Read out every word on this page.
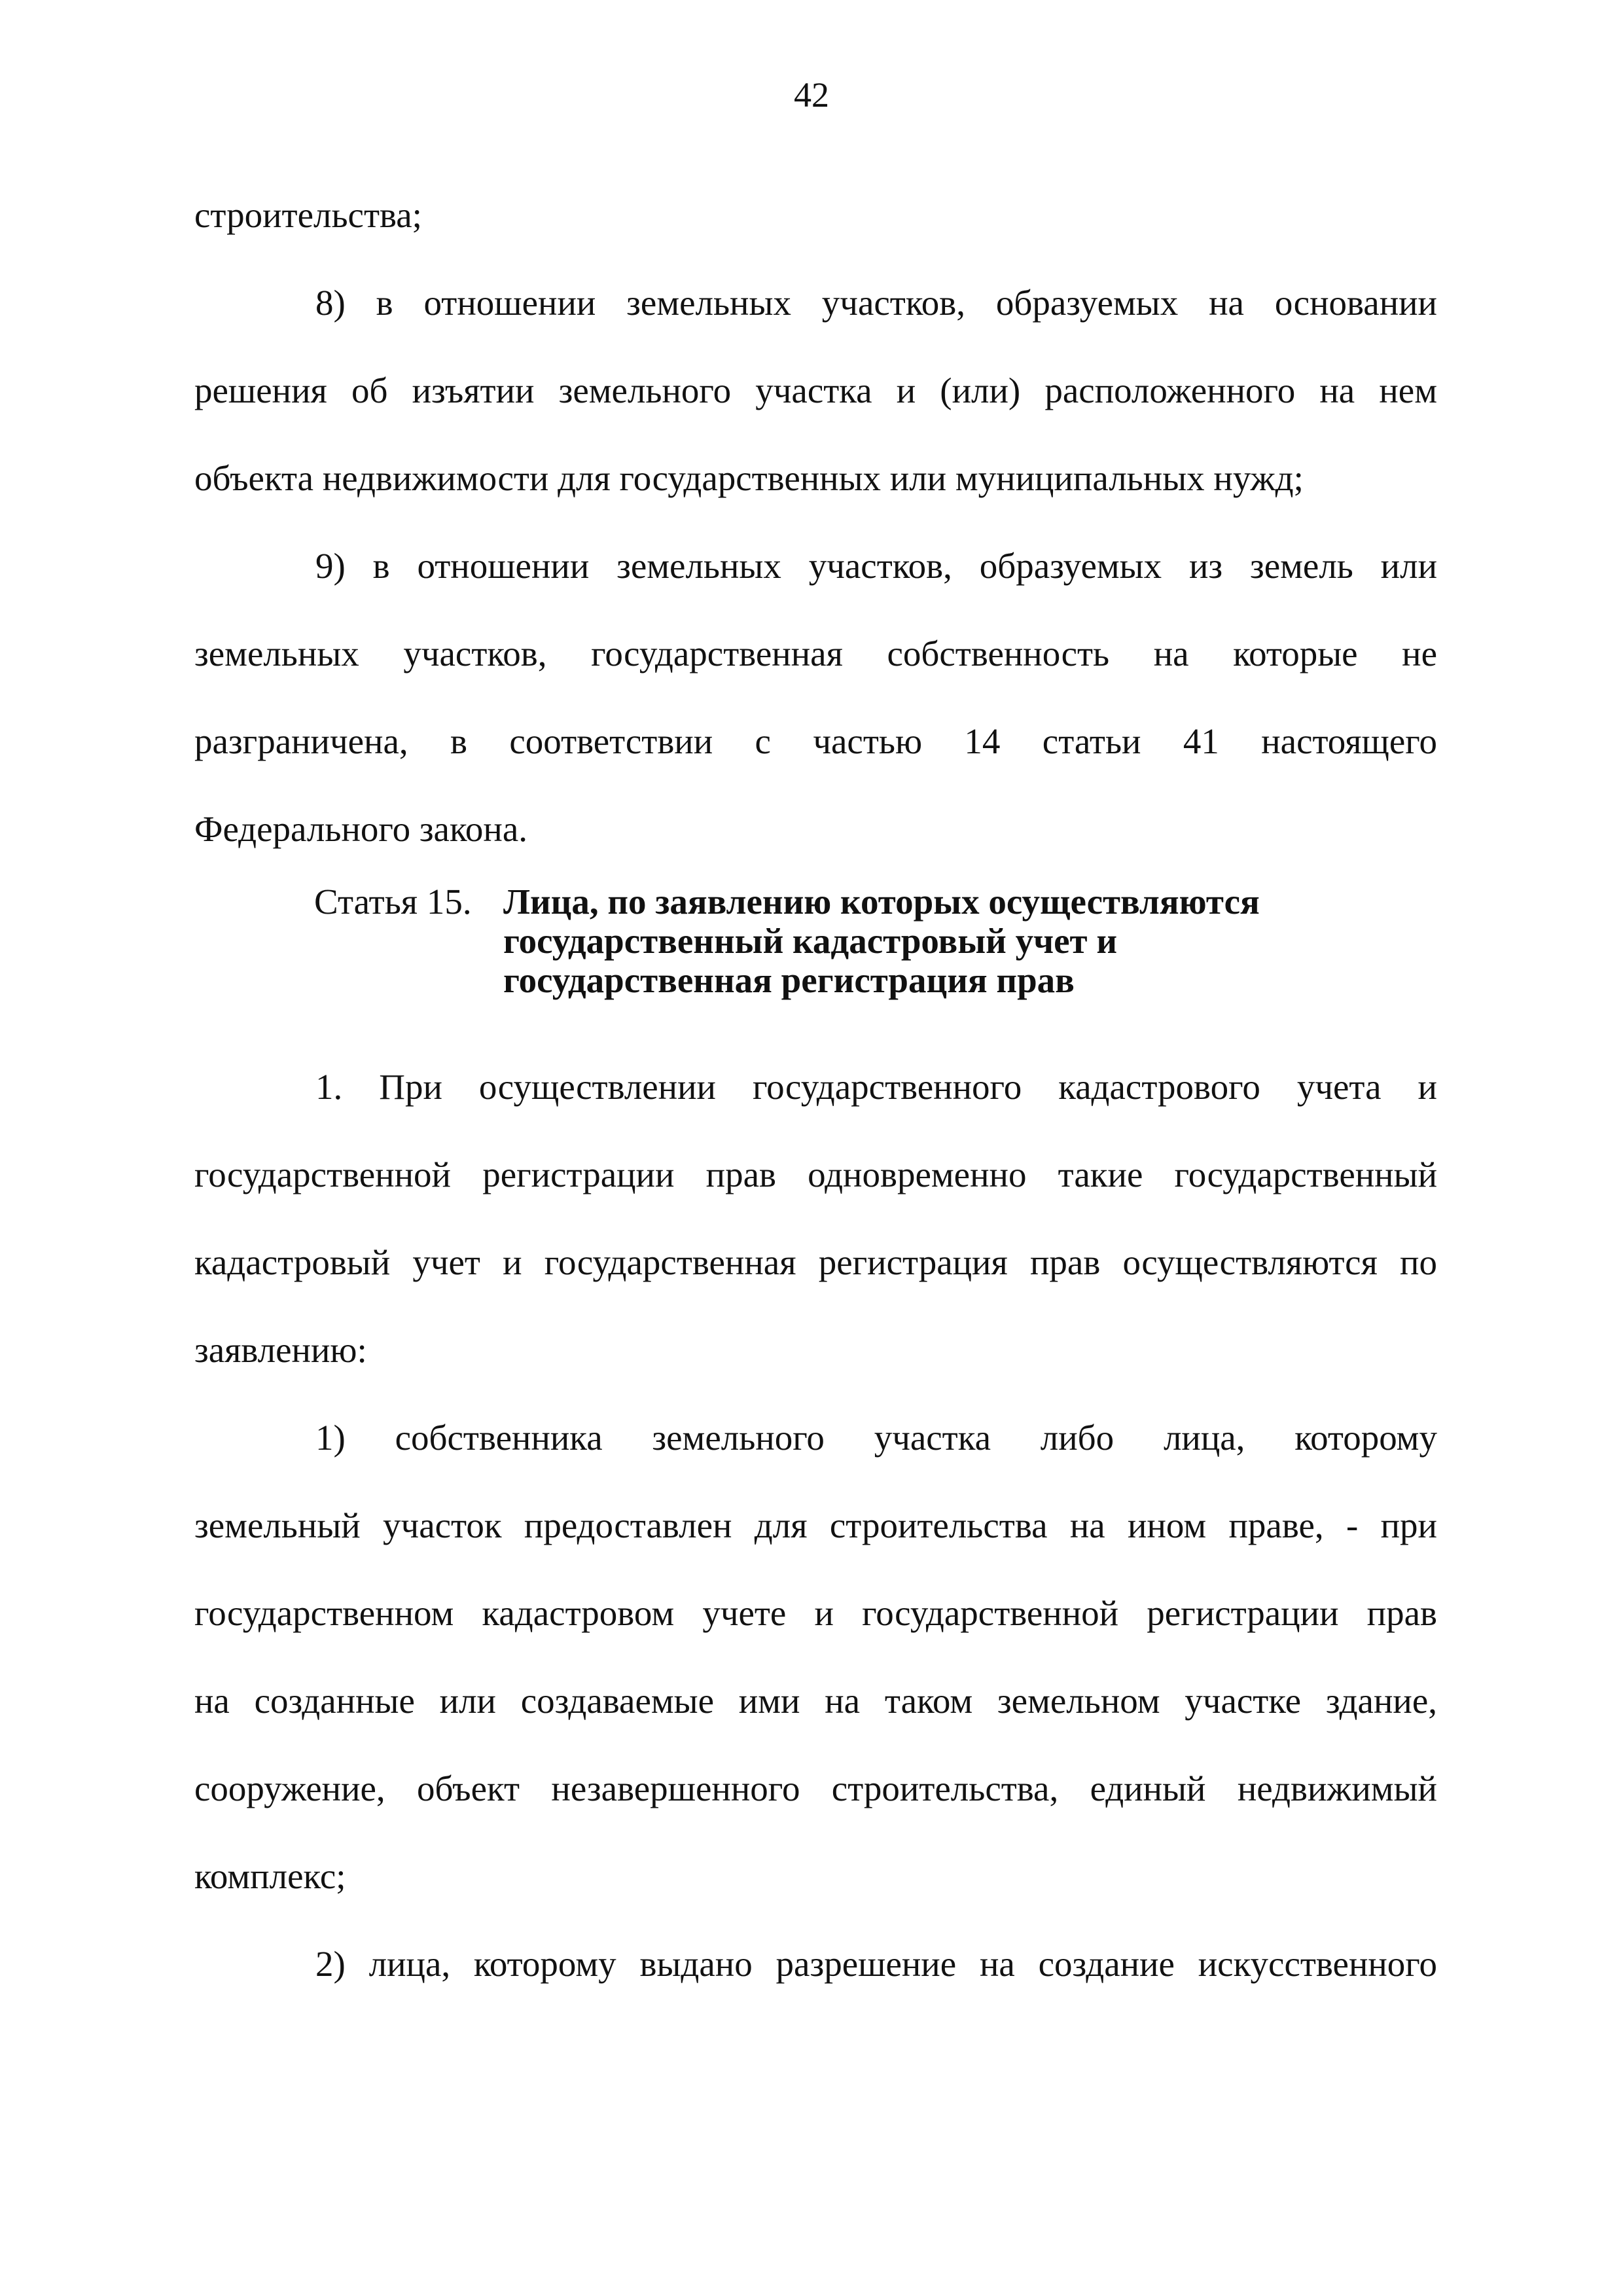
42
строительства;
8) в отношении земельных участков, образуемых на основании
решения об изъятии земельного участка и (или) расположенного на нем
объекта недвижимости для государственных или муниципальных нужд;
9) в отношении земельных участков, образуемых из земель или
земельных участков, государственная собственность на которые не
разграничена, в соответствии с частью 14 статьи 41 настоящего
Федерального закона.
Статья 15. Лица, по заявлению которых осуществляются
государственный кадастровый учет и
государственная регистрация прав
1. При осуществлении государственного кадастрового учета и
государственной регистрации прав одновременно такие государственный
кадастровый учет и государственная регистрация прав осуществляются по
заявлению:
1) собственника земельного участка либо лица, которому
земельный участок предоставлен для строительства на ином праве, - при
государственном кадастровом учете и государственной регистрации прав
на созданные или создаваемые ими на таком земельном участке здание,
сооружение, объект незавершенного строительства, единый недвижимый
комплекс;
2) лица, которому выдано разрешение на создание искусственного
